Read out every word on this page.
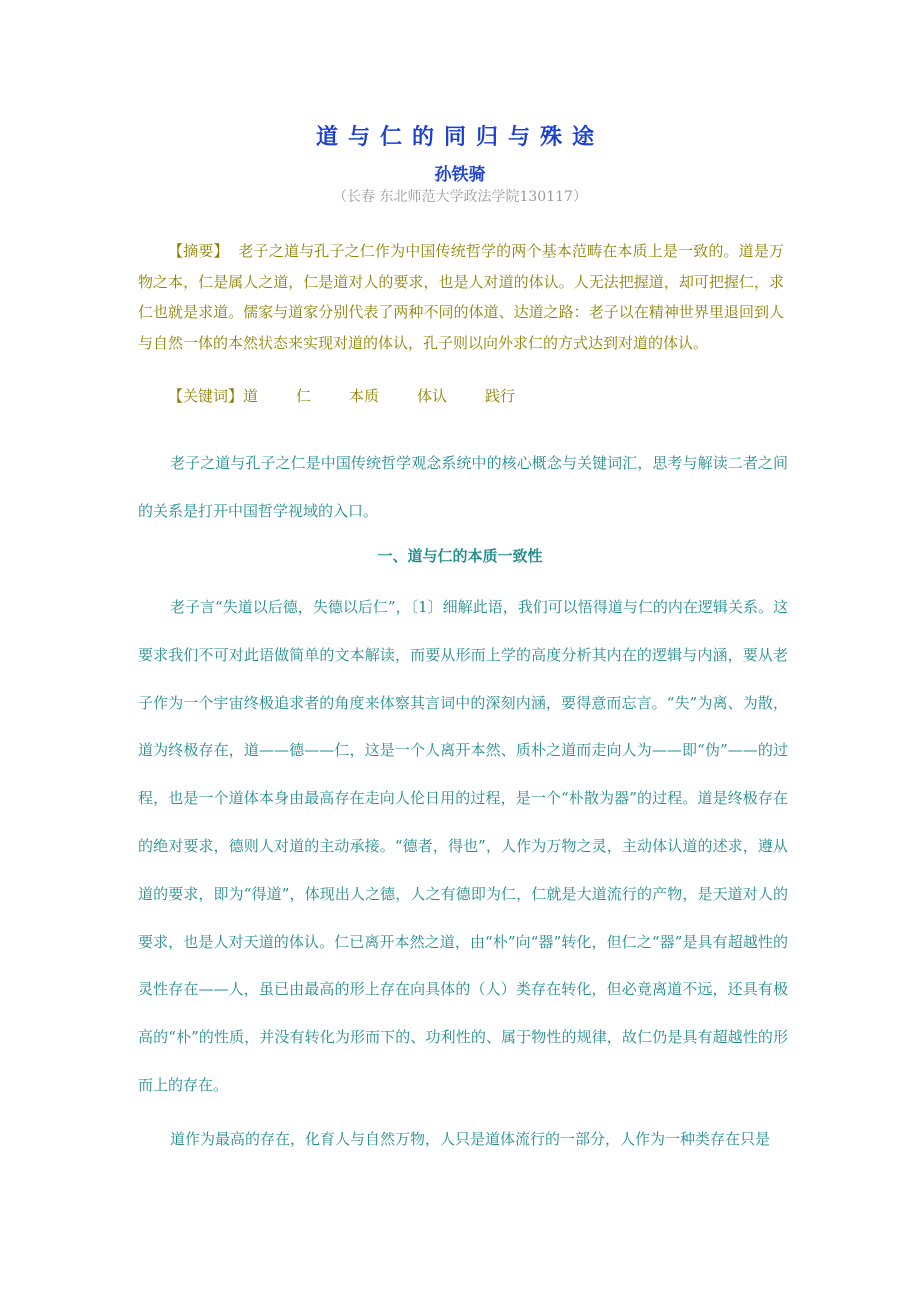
道与仁的同归与殊途
孙铁骑
（长春 东北师范大学政法学院130117）

【摘要】 老子之道与孔子之仁作为中国传统哲学的两个基本范畴在本质上是一致的。道是万物之本，仁是属人之道，仁是道对人的要求，也是人对道的体认。人无法把握道，却可把握仁，求仁也就是求道。儒家与道家分别代表了两种不同的体道、达道之路：老子以在精神世界里退回到人与自然一体的本然状态来实现对道的体认，孔子则以向外求仁的方式达到对道的体认。

【关键词】道	仁	本质	体认	践行

老子之道与孔子之仁是中国传统哲学观念系统中的核心概念与关键词汇，思考与解读二者之间的关系是打开中国哲学视域的入口。

一、道与仁的本质一致性

老子言“失道以后德，失德以后仁”，〔1〕细解此语，我们可以悟得道与仁的内在逻辑关系。这要求我们不可对此语做简单的文本解读，而要从形而上学的高度分析其内在的逻辑与内涵，要从老子作为一个宇宙终极追求者的角度来体察其言词中的深刻内涵，要得意而忘言。“失”为离、为散，道为终极存在，道——德——仁，这是一个人离开本然、质朴之道而走向人为——即“伪”——的过程，也是一个道体本身由最高存在走向人伦日用的过程，是一个“朴散为器”的过程。道是终极存在的绝对要求，德则人对道的主动承接。“德者，得也”，人作为万物之灵，主动体认道的述求，遵从道的要求，即为“得道”，体现出人之德，人之有德即为仁，仁就是大道流行的产物，是天道对人的要求，也是人对天道的体认。仁已离开本然之道，由“朴”向“器”转化，但仁之“器”是具有超越性的灵性存在——人，虽已由最高的形上存在向具体的（人）类存在转化，但必竟离道不远，还具有极高的“朴”的性质，并没有转化为形而下的、功利性的、属于物性的规律，故仁仍是具有超越性的形而上的存在。

道作为最高的存在，化育人与自然万物，人只是道体流行的一部分，人作为一种类存在只是
